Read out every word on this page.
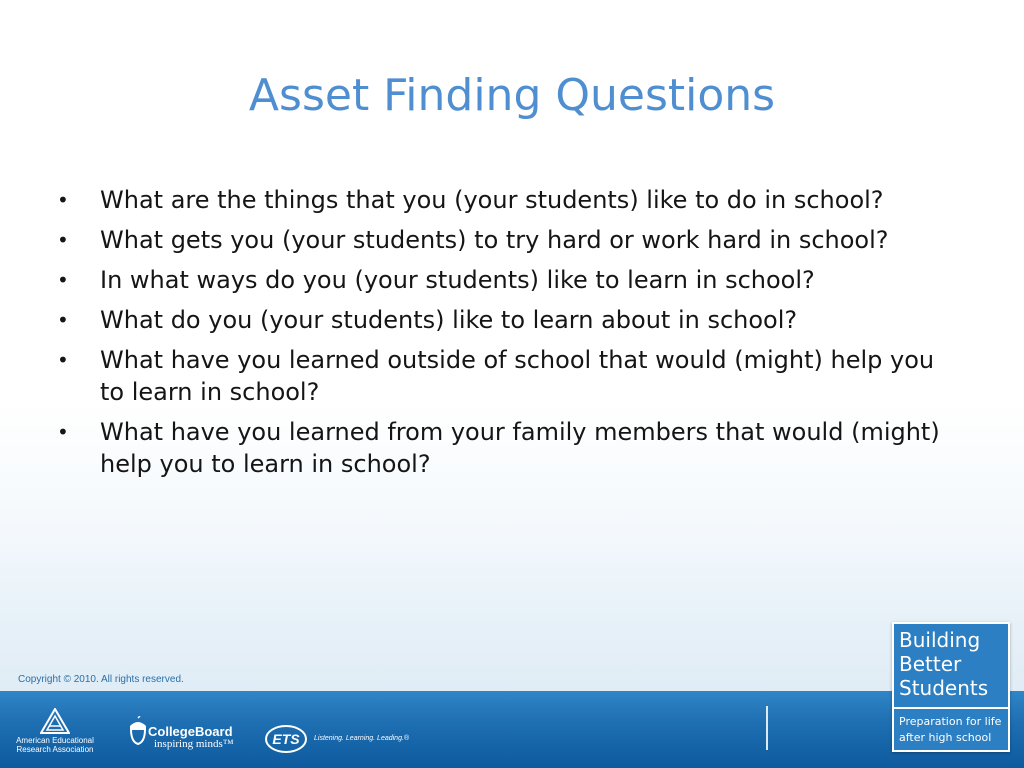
Asset Finding Questions
• What are the things that you (your students) like to do in school?
• What gets you (your students) to try hard or work hard in school?
• In what ways do you (your students) like to learn in school?
• What do you (your students) like to learn about in school?
• What have you learned outside of school that would (might) help you to learn in school?
• What have you learned from your family members that would (might) help you to learn in school?
Copyright © 2010. All rights reserved.
American Educational
Research Association
CollegeBoard
inspiring minds™	ETS Listening. Learning. Leading.®
Building
Better
Students
Preparation for life
after high school
